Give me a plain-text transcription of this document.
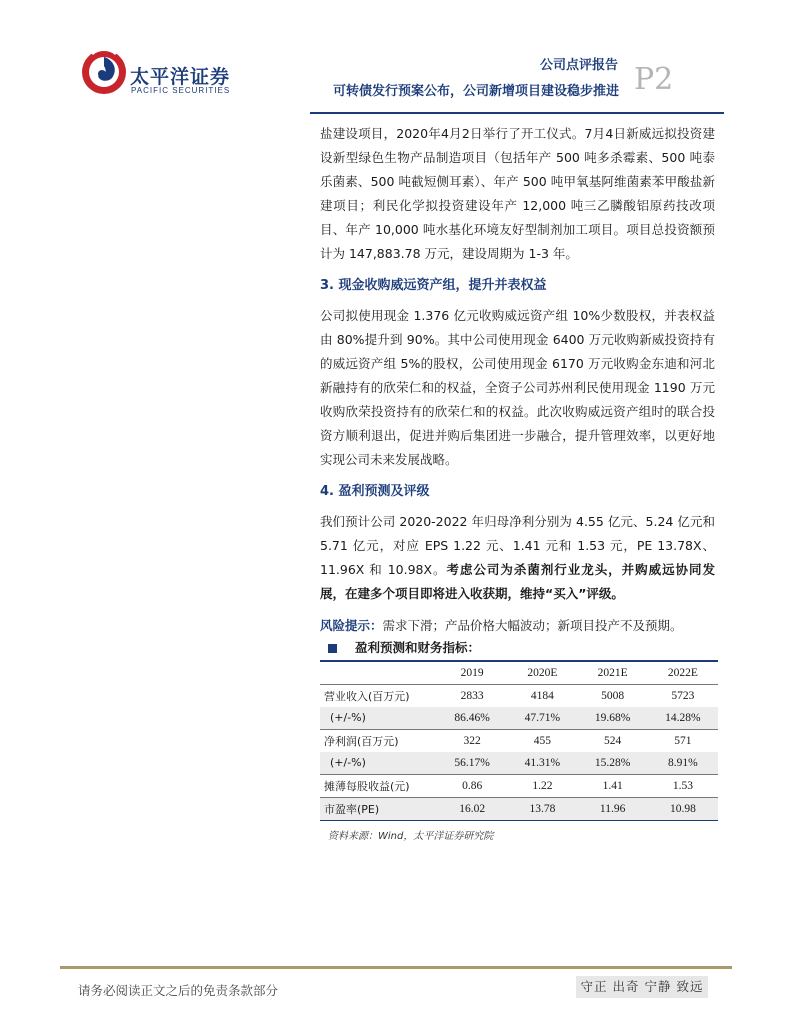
太平洋证券
PACIFIC SECURITIES
公司点评报告
可转债发行预案公布，公司新增项目建设稳步推进 P2

盐建设项目，2020年4月2日举行了开工仪式。7月4日新威远拟投资建设新型绿色生物产品制造项目（包括年产 500 吨多杀霉素、500 吨泰乐菌素、500 吨截短侧耳素）、年产 500 吨甲氧基阿维菌素苯甲酸盐新建项目；利民化学拟投资建设年产 12,000 吨三乙膦酸铝原药技改项目、年产 10,000 吨水基化环境友好型制剂加工项目。项目总投资额预计为 147,883.78 万元，建设周期为 1-3 年。

3. 现金收购威远资产组，提升并表权益

公司拟使用现金 1.376 亿元收购威远资产组 10%少数股权，并表权益由 80%提升到 90%。其中公司使用现金 6400 万元收购新威投资持有的威远资产组 5%的股权，公司使用现金 6170 万元收购金东迪和河北新融持有的欣荣仁和的权益，全资子公司苏州利民使用现金 1190 万元收购欣荣投资持有的欣荣仁和的权益。此次收购威远资产组时的联合投资方顺利退出，促进并购后集团进一步融合，提升管理效率，以更好地实现公司未来发展战略。

4. 盈利预测及评级

我们预计公司 2020-2022 年归母净利分别为 4.55 亿元、5.24 亿元和 5.71 亿元，对应 EPS 1.22 元、1.41 元和 1.53 元，PE 13.78X、11.96X 和 10.98X。考虑公司为杀菌剂行业龙头，并购威远协同发展，在建多个项目即将进入收获期，维持“买入”评级。

风险提示：需求下滑；产品价格大幅波动；新项目投产不及预期。

盈利预测和财务指标：
	2019	2020E	2021E	2022E
营业收入(百万元)	2833	4184	5008	5723
(+/-%)	86.46%	47.71%	19.68%	14.28%
净利润(百万元)	322	455	524	571
(+/-%)	56.17%	41.31%	15.28%	8.91%
摊薄每股收益(元)	0.86	1.22	1.41	1.53
市盈率(PE)	16.02	13.78	11.96	10.98
资料来源：Wind，太平洋证券研究院
请务必阅读正文之后的免责条款部分	守正 出奇 宁静 致远
